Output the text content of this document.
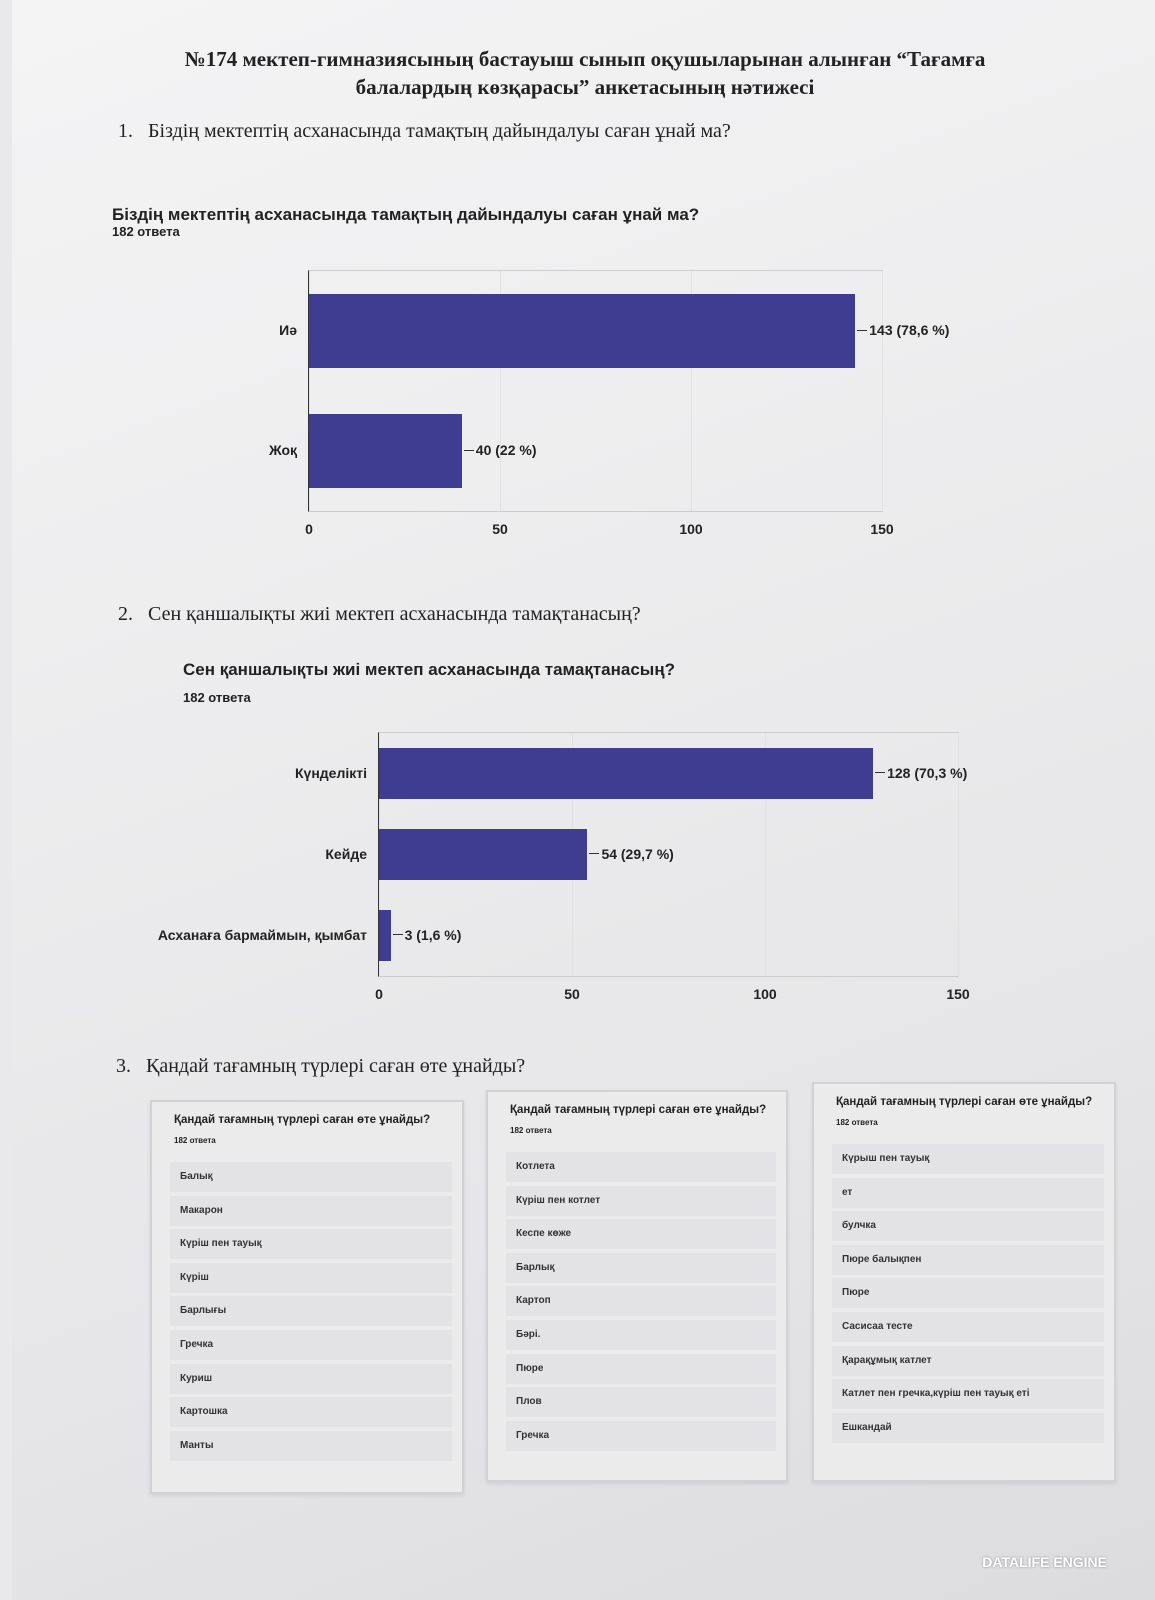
№174 мектеп-гимназиясының бастауыш сынып оқушыларынан алынған “Тағамға балалардың көзқарасы” анкетасының нәтижесі
1. Біздің мектептің асханасында тамақтың дайындалуы саған ұнай ма?
Біздің мектептің асханасында тамақтың дайындалуы саған ұнай ма?
182 ответа
0	50	100	150
143 (78,6 %)
Иә
40 (22 %)
Жоқ
2. Сен қаншалықты жиі мектеп асханасында тамақтанасың?
Сен қаншалықты жиі мектеп асханасында тамақтанасың?
182 ответа
0	50	100	150
128 (70,3 %)
Күнделікті
54 (29,7 %)
Кейде
3 (1,6 %)
Асханаға бармаймын, қымбат
3. Қандай тағамның түрлері саған өте ұнайды?
Қандай тағамның түрлері саған өте ұнайды?
182 ответа
Балық
Макарон
Күріш пен тауық
Күріш
Барлығы
Гречка
Куриш
Картошка
Манты
Қандай тағамның түрлері саған өте ұнайды?
182 ответа
Котлета
Күріш пен котлет
Кеспе көже
Барлық
Картоп
Бәрі.
Пюре
Плов
Гречка
Қандай тағамның түрлері саған өте ұнайды?
182 ответа
Күрыш пен тауық
ет
булчка
Пюре балықпен
Пюре
Сасисаа тесте
Қарақұмық катлет
Катлет пен гречка,күріш пен тауық еті
Ешкандай
DATALIFE ENGINE
